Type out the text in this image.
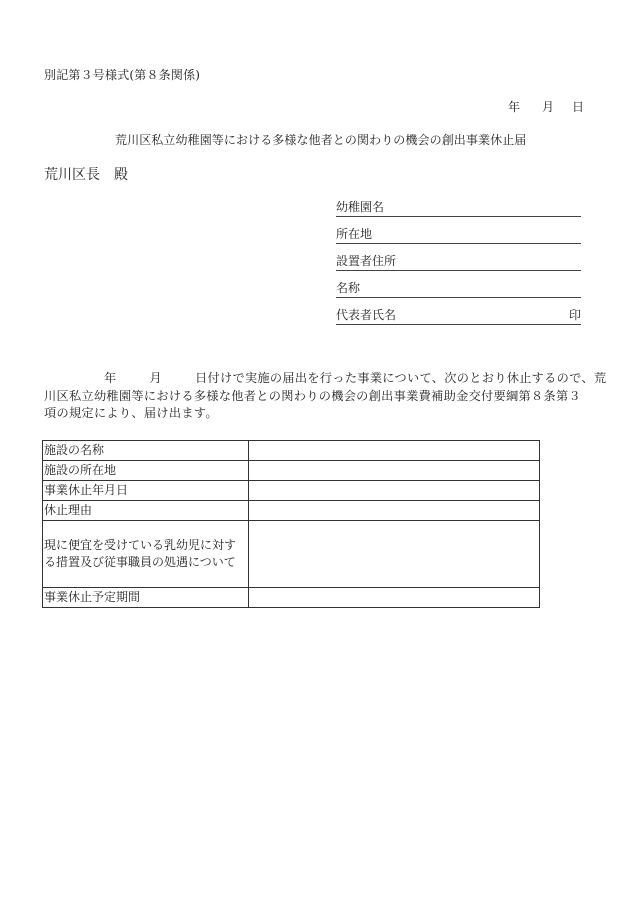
別記第３号様式(第８条関係)
年	月	日
荒川区私立幼稚園等における多様な他者との関わりの機会の創出事業休止届
荒川区長　殿
幼稚園名
所在地
設置者住所
名称
代表者氏名	印
年	月	日付けで実施の届出を行った事業について、次のとおり休止するので、荒
川区私立幼稚園等における多様な他者との関わりの機会の創出事業費補助金交付要綱第８条第３
項の規定により、届け出ます。
施設の名称	
施設の所在地	
事業休止年月日	
休止理由	

現に便宜を受けている乳幼児に対す
る措置及び従事職員の処遇について	

事業休止予定期間	
